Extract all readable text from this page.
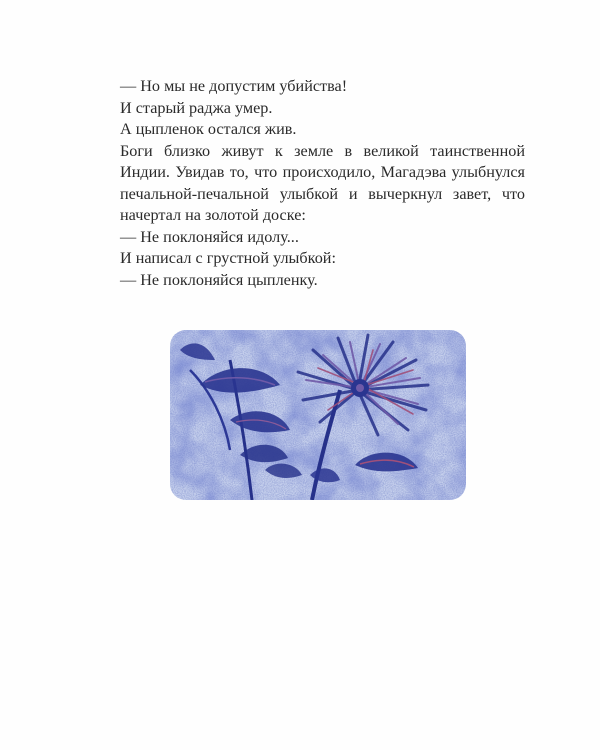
— Но мы не допустим убийства!

И старый раджа умер.

А цыпленок остался жив.

Боги близко живут к земле в великой таинственной Индии. Увидав то, что происходило, Магадэва улыбнулся печальной-печальной улыбкой и вычеркнул завет, что начертал на золотой доске:

— Не поклоняйся идолу...

И написал с грустной улыбкой:

— Не поклоняйся цыпленку.
